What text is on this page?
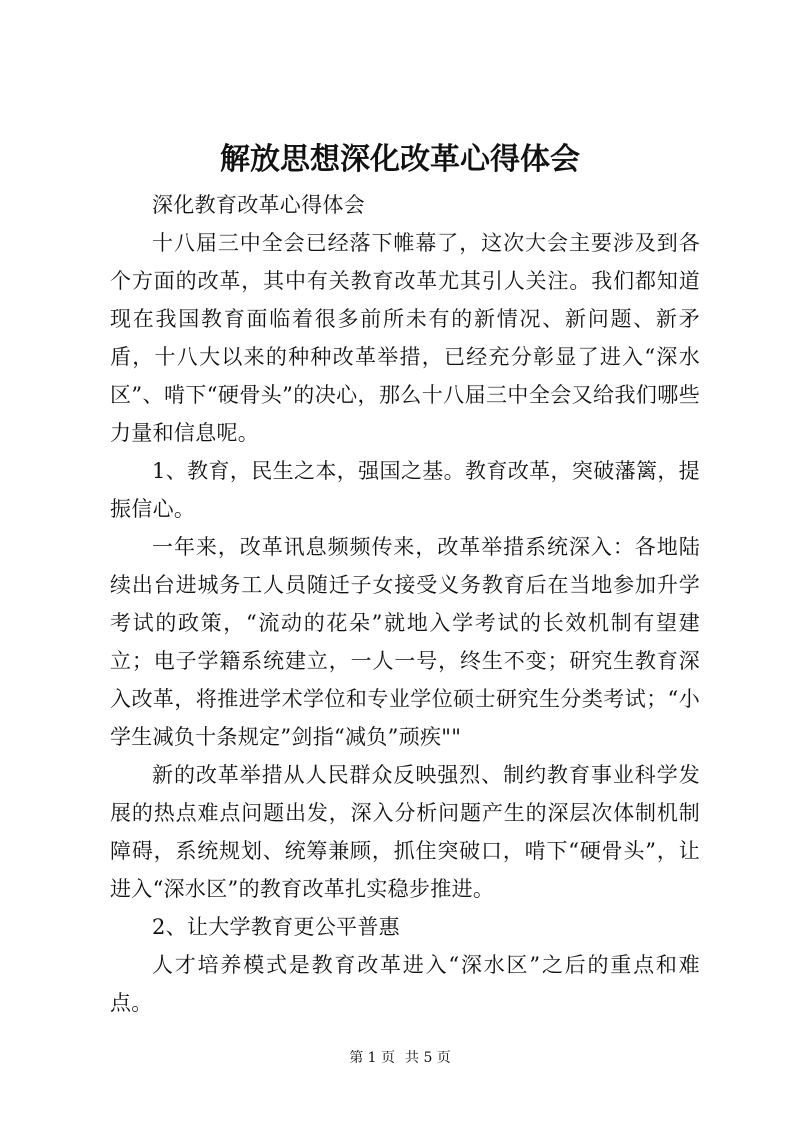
解放思想深化改革心得体会

深化教育改革心得体会

十八届三中全会已经落下帷幕了，这次大会主要涉及到各个方面的改革，其中有关教育改革尤其引人关注。我们都知道现在我国教育面临着很多前所未有的新情况、新问题、新矛盾，十八大以来的种种改革举措，已经充分彰显了进入“深水区”、啃下“硬骨头”的决心，那么十八届三中全会又给我们哪些力量和信息呢。

1、教育，民生之本，强国之基。教育改革，突破藩篱，提振信心。

一年来，改革讯息频频传来，改革举措系统深入：各地陆续出台进城务工人员随迁子女接受义务教育后在当地参加升学考试的政策，“流动的花朵”就地入学考试的长效机制有望建立；电子学籍系统建立，一人一号，终生不变；研究生教育深入改革，将推进学术学位和专业学位硕士研究生分类考试；“小学生减负十条规定”剑指“减负”顽疾""

新的改革举措从人民群众反映强烈、制约教育事业科学发展的热点难点问题出发，深入分析问题产生的深层次体制机制障碍，系统规划、统筹兼顾，抓住突破口，啃下“硬骨头”，让进入“深水区”的教育改革扎实稳步推进。

2、让大学教育更公平普惠

人才培养模式是教育改革进入“深水区”之后的重点和难点。

第 1 页 共 5 页
